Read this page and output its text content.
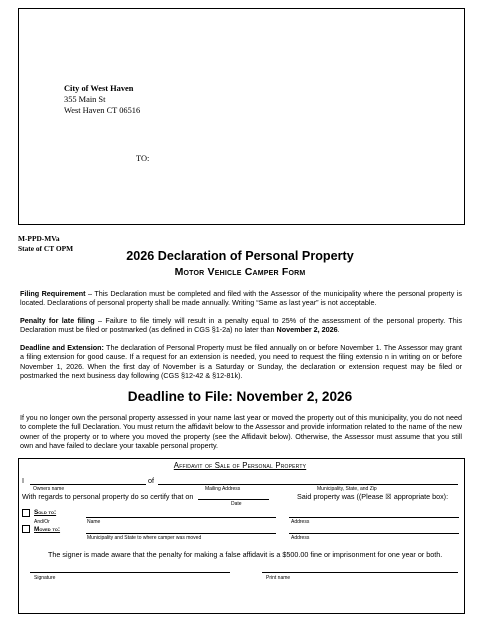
City of West Haven
355 Main St
West Haven CT 06516
TO:
M-PPD-MVa
State of CT OPM
2026 Declaration of Personal Property
Motor Vehicle Camper Form
Filing Requirement – This Declaration must be completed and filed with the Assessor of the municipality where the personal property is located. Declarations of personal property shall be made annually. Writing “Same as last year” is not acceptable.
Penalty for late filing – Failure to file timely will result in a penalty equal to 25% of the assessment of the personal property. This Declaration must be filed or postmarked (as defined in CGS §1-2a) no later than November 2, 2026.
Deadline and Extension: The declaration of Personal Property must be filed annually on or before November 1. The Assessor may grant a filing extension for good cause. If a request for an extension is needed, you need to request the filing extensio n in writing on or before November 1, 2026. When the first day of November is a Saturday or Sunday, the declaration or extension request may be filed or postmarked the next business day following (CGS §12-42 & §12-81k).
Deadline to File: November 2, 2026
If you no longer own the personal property assessed in your name last year or moved the property out of this municipality, you do not need to complete the full Declaration. You must return the affidavit below to the Assessor and provide information related to the name of the new owner of the property or to where you moved the property (see the Affidavit below). Otherwise, the Assessor must assume that you still own and have failed to declare your taxable personal property.
Affidavit of Sale of Personal Property
I	of
Owners name	Mailing Address	Municipality, State, and Zip
With regards to personal property do so certify that on
Date
Said property was ((Please ☒ appropriate box):
Sold to:
And/Or	Name	Address
Moved to:
Municipality and State to where camper was moved	Address
The signer is made aware that the penalty for making a false affidavit is a $500.00 fine or imprisonment for one year or both.
Signature	Print name
